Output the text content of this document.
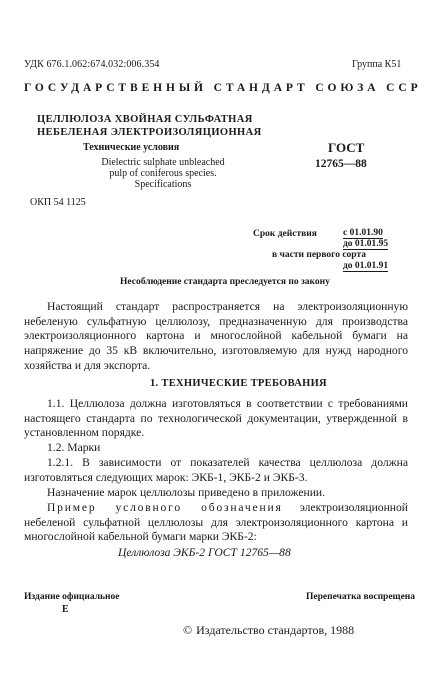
УДК 676.1.062:674.032:006.354	Группа К51
ГОСУДАРСТВЕННЫЙ СТАНДАРТ СОЮЗА ССР
ЦЕЛЛЮЛОЗА ХВОЙНАЯ СУЛЬФАТНАЯ
НЕБЕЛЕНАЯ ЭЛЕКТРОИЗОЛЯЦИОННАЯ
Технические условия
Dielectric sulphate unbleached
pulp of coniferous species.
Specifications
ГОСТ
12765—88
ОКП 54 1125
Срок действия	с 01.01.90
до 01.01.95
в части первого сорта
до 01.01.91
Несоблюдение стандарта преследуется по закону
Настоящий стандарт распространяется на электроизоляционную небеленую сульфатную целлюлозу, предназначенную для производства электроизоляционного картона и многослойной кабельной бумаги на напряжение до 35 кВ включительно, изготовляемую для нужд народного хозяйства и для экспорта.
1. ТЕХНИЧЕСКИЕ ТРЕБОВАНИЯ
1.1. Целлюлоза должна изготовляться в соответствии с требованиями настоящего стандарта по технологической документации, утвержденной в установленном порядке.
1.2. Марки
1.2.1. В зависимости от показателей качества целлюлоза должна изготовляться следующих марок: ЭКБ-1, ЭКБ-2 и ЭКБ-3.
Назначение марок целлюлозы приведено в приложении.
Пример условного обозначения электроизоляционной небеленой сульфатной целлюлозы для электроизоляционного картона и многослойной кабельной бумаги марки ЭКБ-2:
Целлюлоза ЭКБ-2 ГОСТ 12765—88
Издание официальное
Е
Перепечатка воспрещена
© Издательство стандартов, 1988
